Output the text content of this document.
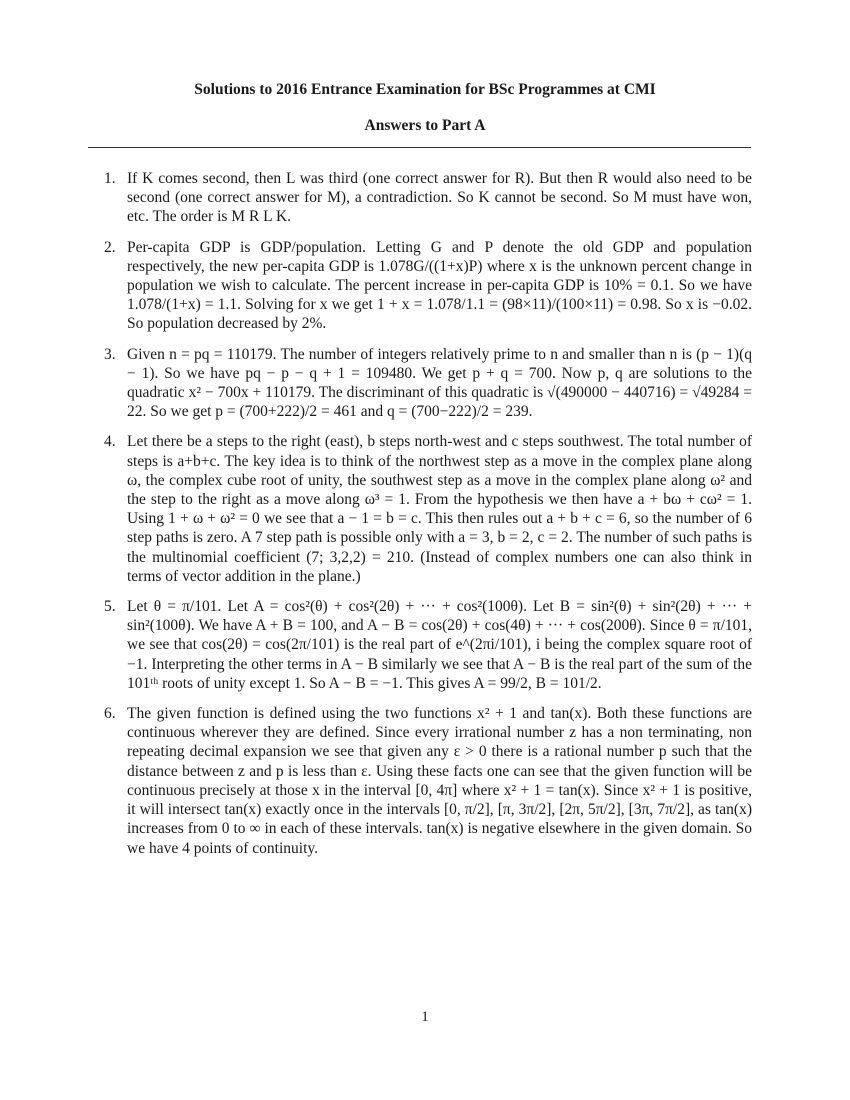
Solutions to 2016 Entrance Examination for BSc Programmes at CMI
Answers to Part A
1. If K comes second, then L was third (one correct answer for R). But then R would also need to be second (one correct answer for M), a contradiction. So K cannot be second. So M must have won, etc. The order is M R L K.
2. Per-capita GDP is GDP/population. Letting G and P denote the old GDP and population respectively, the new per-capita GDP is 1.078G/((1+x)P) where x is the unknown percent change in population we wish to calculate. The percent increase in per-capita GDP is 10% = 0.1. So we have 1.078/(1+x) = 1.1. Solving for x we get 1 + x = 1.078/1.1 = (98×11)/(100×11) = 0.98. So x is −0.02. So population decreased by 2%.
3. Given n = pq = 110179. The number of integers relatively prime to n and smaller than n is (p − 1)(q − 1). So we have pq − p − q + 1 = 109480. We get p + q = 700. Now p, q are solutions to the quadratic x² − 700x + 110179. The discriminant of this quadratic is √(490000 − 440716) = √49284 = 22. So we get p = (700+222)/2 = 461 and q = (700−222)/2 = 239.
4. Let there be a steps to the right (east), b steps north-west and c steps southwest. The total number of steps is a+b+c. The key idea is to think of the northwest step as a move in the complex plane along ω, the complex cube root of unity, the southwest step as a move in the complex plane along ω² and the step to the right as a move along ω³ = 1. From the hypothesis we then have a + bω + cω² = 1. Using 1 + ω + ω² = 0 we see that a − 1 = b = c. This then rules out a + b + c = 6, so the number of 6 step paths is zero. A 7 step path is possible only with a = 3, b = 2, c = 2. The number of such paths is the multinomial coefficient (7; 3,2,2) = 210. (Instead of complex numbers one can also think in terms of vector addition in the plane.)
5. Let θ = π/101. Let A = cos²(θ) + cos²(2θ) + ··· + cos²(100θ). Let B = sin²(θ) + sin²(2θ) + ··· + sin²(100θ). We have A + B = 100, and A − B = cos(2θ) + cos(4θ) + ··· + cos(200θ). Since θ = π/101, we see that cos(2θ) = cos(2π/101) is the real part of e^(2πi/101), i being the complex square root of −1. Interpreting the other terms in A − B similarly we see that A − B is the real part of the sum of the 101ᵗʰ roots of unity except 1. So A − B = −1. This gives A = 99/2, B = 101/2.
6. The given function is defined using the two functions x² + 1 and tan(x). Both these functions are continuous wherever they are defined. Since every irrational number z has a non terminating, non repeating decimal expansion we see that given any ε > 0 there is a rational number p such that the distance between z and p is less than ε. Using these facts one can see that the given function will be continuous precisely at those x in the interval [0, 4π] where x² + 1 = tan(x). Since x² + 1 is positive, it will intersect tan(x) exactly once in the intervals [0, π/2], [π, 3π/2], [2π, 5π/2], [3π, 7π/2], as tan(x) increases from 0 to ∞ in each of these intervals. tan(x) is negative elsewhere in the given domain. So we have 4 points of continuity.
1
